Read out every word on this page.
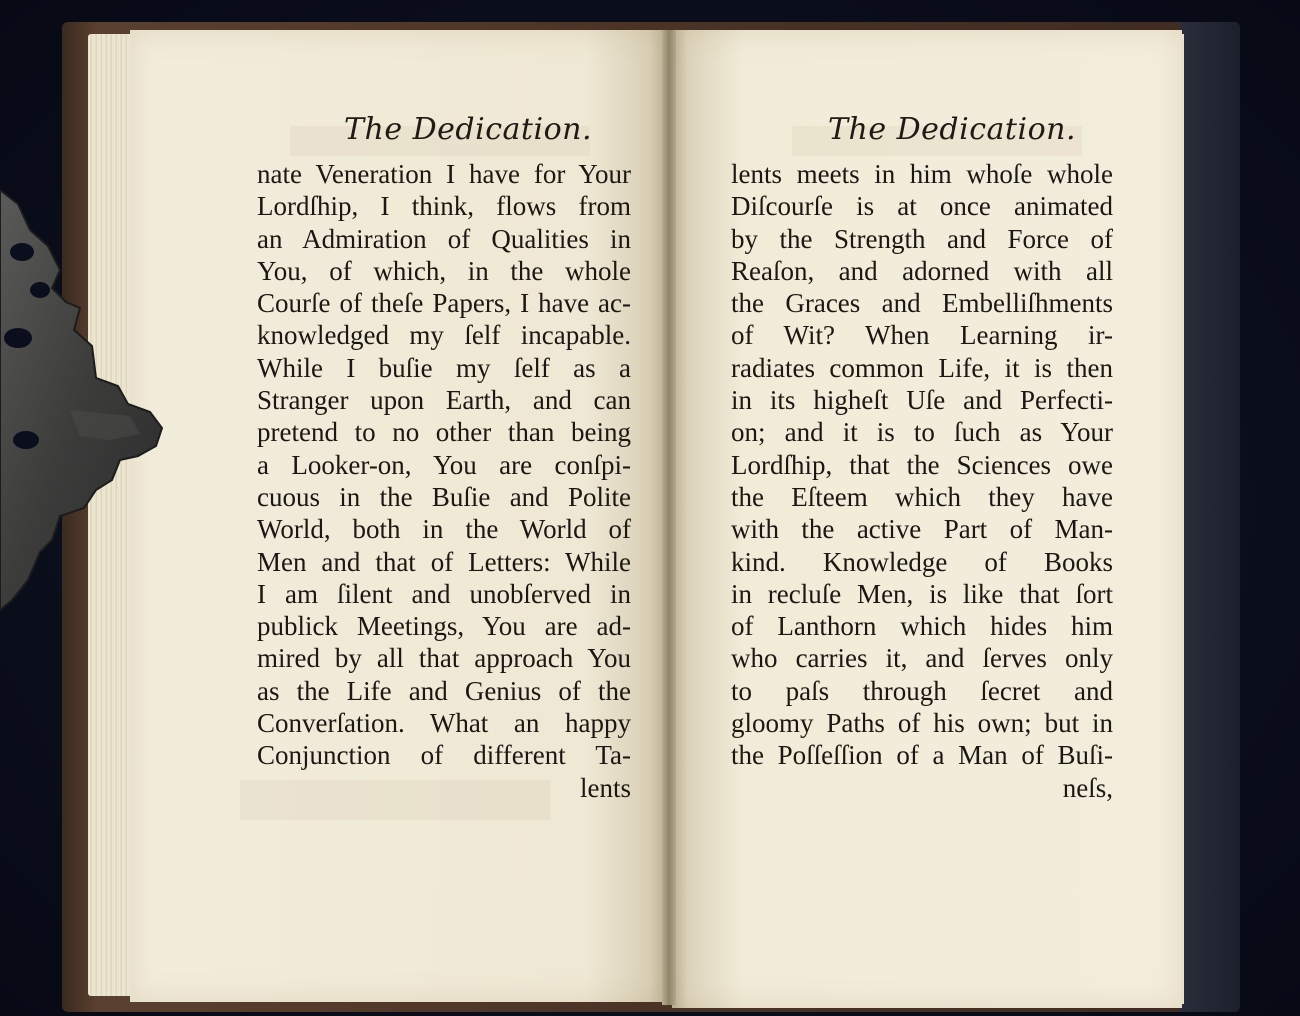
The Dedication.	The Dedication.
nate Veneration I have for Your
Lordſhip, I think, flows from
an Admiration of Qualities in
You, of which, in the whole
Courſe of theſe Papers, I have ac-
knowledged my ſelf incapable.
While I buſie my ſelf as a
Stranger upon Earth, and can
pretend to no other than being
a Looker-on, You are conſpi-
cuous in the Buſie and Polite
World, both in the World of
Men and that of Letters: While
I am ſilent and unobſerved in
publick Meetings, You are ad-
mired by all that approach You
as the Life and Genius of the
Converſation. What an happy
Conjunction of different Ta-
lents
lents meets in him whoſe whole
Diſcourſe is at once animated
by the Strength and Force of
Reaſon, and adorned with all
the Graces and Embelliſhments
of Wit? When Learning ir-
radiates common Life, it is then
in its higheſt Uſe and Perfecti-
on; and it is to ſuch as Your
Lordſhip, that the Sciences owe
the Eſteem which they have
with the active Part of Man-
kind. Knowledge of Books
in recluſe Men, is like that ſort
of Lanthorn which hides him
who carries it, and ſerves only
to paſs through ſecret and
gloomy Paths of his own; but in
the Poſſeſſion of a Man of Buſi-
neſs,
